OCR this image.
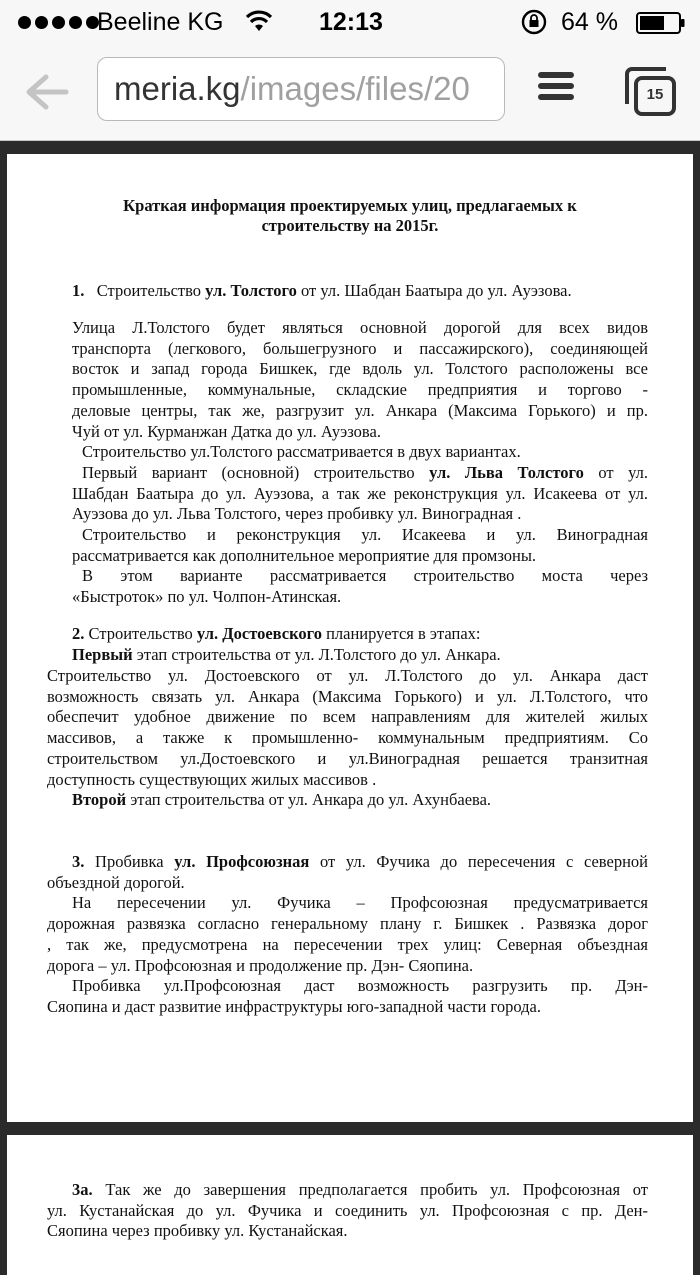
Beeline KG	12:13	64 %
meria.kg/images/files/20	15
Краткая информация проектируемых улиц, предлагаемых к
строительству на 2015г.
1. Строительство ул. Толстого от ул. Шабдан Баатыра до ул. Ауэзова.
Улица Л.Толстого будет являться основной дорогой для всех видов
транспорта (легкового, большегрузного и пассажирского), соединяющей
восток и запад города Бишкек, где вдоль ул. Толстого расположены все
промышленные, коммунальные, складские предприятия и торгово -
деловые центры, так же, разгрузит ул. Анкара (Максима Горького) и пр.
Чуй от ул. Курманжан Датка до ул. Ауэзова.
Строительство ул.Толстого рассматривается в двух вариантах.
Первый вариант (основной) строительство ул. Льва Толстого от ул.
Шабдан Баатыра до ул. Ауэзова, а так же реконструкция ул. Исакеева от ул.
Ауэзова до ул. Льва Толстого, через пробивку ул. Виноградная .
Строительство и реконструкция ул. Исакеева и ул. Виноградная
рассматривается как дополнительное мероприятие для промзоны.
В этом варианте рассматривается строительство моста через
«Быстроток» по ул. Чолпон-Атинская.
2. Строительство ул. Достоевского планируется в этапах:
Первый этап строительства от ул. Л.Толстого до ул. Анкара.
Строительство ул. Достоевского от ул. Л.Толстого до ул. Анкара даст
возможность связать ул. Анкара (Максима Горького) и ул. Л.Толстого, что
обеспечит удобное движение по всем направлениям для жителей жилых
массивов, а также к промышленно- коммунальным предприятиям. Со
строительством ул.Достоевского и ул.Виноградная решается транзитная
доступность существующих жилых массивов .
Второй этап строительства от ул. Анкара до ул. Ахунбаева.
3. Пробивка ул. Профсоюзная от ул. Фучика до пересечения с северной
объездной дорогой.
На пересечении ул. Фучика – Профсоюзная предусматривается
дорожная развязка согласно генеральному плану г. Бишкек . Развязка дорог
, так же, предусмотрена на пересечении трех улиц: Северная объездная
дорога – ул. Профсоюзная и продолжение пр. Дэн- Сяопина.
Пробивка ул.Профсоюзная даст возможность разгрузить пр. Дэн-
Сяопина и даст развитие инфраструктуры юго-западной части города.
3а. Так же до завершения предполагается пробить ул. Профсоюзная от
ул. Кустанайская до ул. Фучика и соединить ул. Профсоюзная с пр. Ден-
Сяопина через пробивку ул. Кустанайская.
